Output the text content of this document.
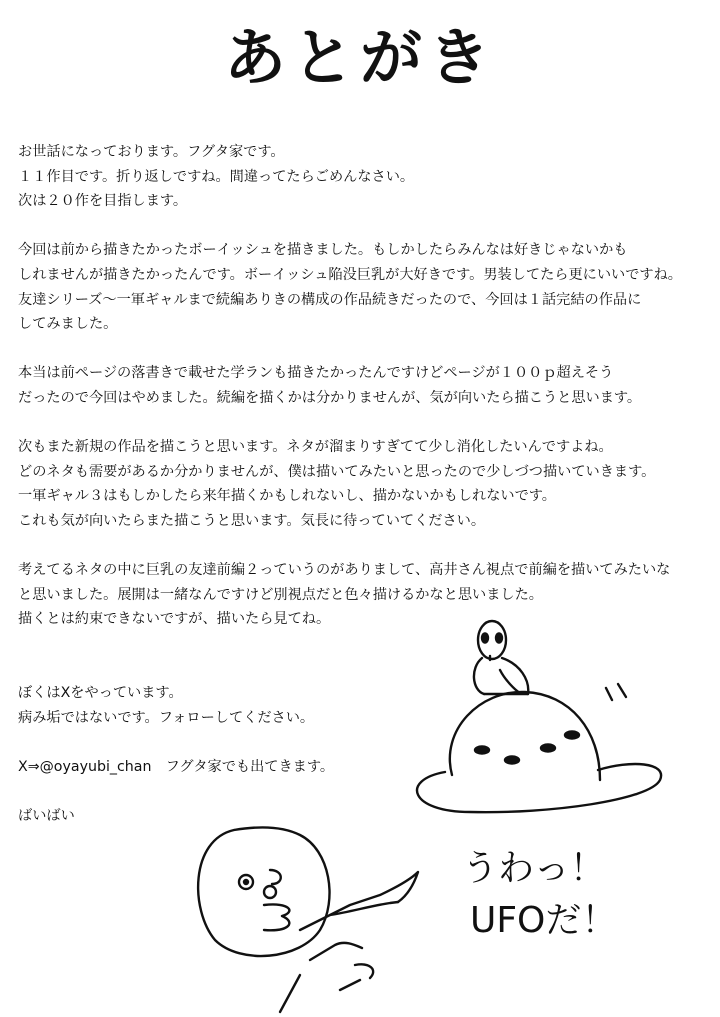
あとがき
お世話になっております。フグタ家です。
１１作目です。折り返しですね。間違ってたらごめんなさい。
次は２０作を目指します。
今回は前から描きたかったボーイッシュを描きました。もしかしたらみんなは好きじゃないかも
しれませんが描きたかったんです。ボーイッシュ陥没巨乳が大好きです。男装してたら更にいいですね。
友達シリーズ～一軍ギャルまで続編ありきの構成の作品続きだったので、今回は１話完結の作品に
してみました。
本当は前ページの落書きで載せた学ランも描きたかったんですけどページが１００ｐ超えそう
だったので今回はやめました。続編を描くかは分かりませんが、気が向いたら描こうと思います。
次もまた新規の作品を描こうと思います。ネタが溜まりすぎてて少し消化したいんですよね。
どのネタも需要があるか分かりませんが、僕は描いてみたいと思ったので少しづつ描いていきます。
一軍ギャル３はもしかしたら来年描くかもしれないし、描かないかもしれないです。
これも気が向いたらまた描こうと思います。気長に待っていてください。
考えてるネタの中に巨乳の友達前編２っていうのがありまして、高井さん視点で前編を描いてみたいな
と思いました。展開は一緒なんですけど別視点だと色々描けるかなと思いました。
描くとは約束できないですが、描いたら見てね。
ぼくはXをやっています。
病み垢ではないです。フォローしてください。
X⇒@oyayubi_chan　フグタ家でも出てきます。
ばいばい
うわっ！
UFOだ！
